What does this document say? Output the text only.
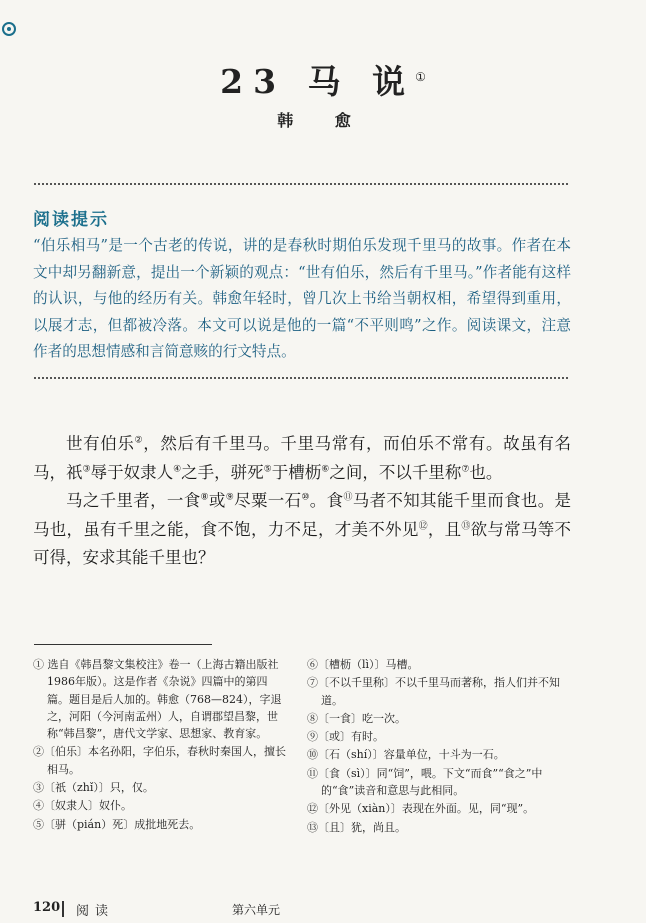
23 马 说①
韩 愈
阅读提示
“伯乐相马”是一个古老的传说，讲的是春秋时期伯乐发现千里马的故事。作者在本文中却另翻新意，提出一个新颖的观点：“世有伯乐，然后有千里马。”作者能有这样的认识，与他的经历有关。韩愈年轻时，曾几次上书给当朝权相，希望得到重用，以展才志，但都被冷落。本文可以说是他的一篇“不平则鸣”之作。阅读课文，注意作者的思想情感和言简意赅的行文特点。

世有伯乐②，然后有千里马。千里马常有，而伯乐不常有。故虽有名马，祇③辱于奴隶人④之手，骈死⑤于槽枥⑥之间，不以千里称⑦也。

马之千里者，一食⑧或⑨尽粟一石⑩。食⑪马者不知其能千里而食也。是马也，虽有千里之能，食不饱，力不足，才美不外见⑫，且⑬欲与常马等不可得，安求其能千里也？

① 选自《韩昌黎文集校注》卷一（上海古籍出版社1986年版）。这是作者《杂说》四篇中的第四篇。题目是后人加的。韩愈（768—824），字退之，河阳（今河南孟州）人，自谓郡望昌黎，世称“韩昌黎”，唐代文学家、思想家、教育家。

②〔伯乐〕本名孙阳，字伯乐，春秋时秦国人，擅长相马。

③〔祇（zhǐ）〕只，仅。

④〔奴隶人〕奴仆。

⑤〔骈（pián）死〕成批地死去。

⑥〔槽枥（lì）〕马槽。

⑦〔不以千里称〕不以千里马而著称，指人们并不知道。

⑧〔一食〕吃一次。

⑨〔或〕有时。

⑩〔石（shí）〕容量单位，十斗为一石。

⑪〔食（sì）〕同“饲”，喂。下文“而食”“食之”中的“食”读音和意思与此相同。

⑫〔外见（xiàn）〕表现在外面。见，同“现”。

⑬〔且〕犹，尚且。

120 阅读	第六单元
